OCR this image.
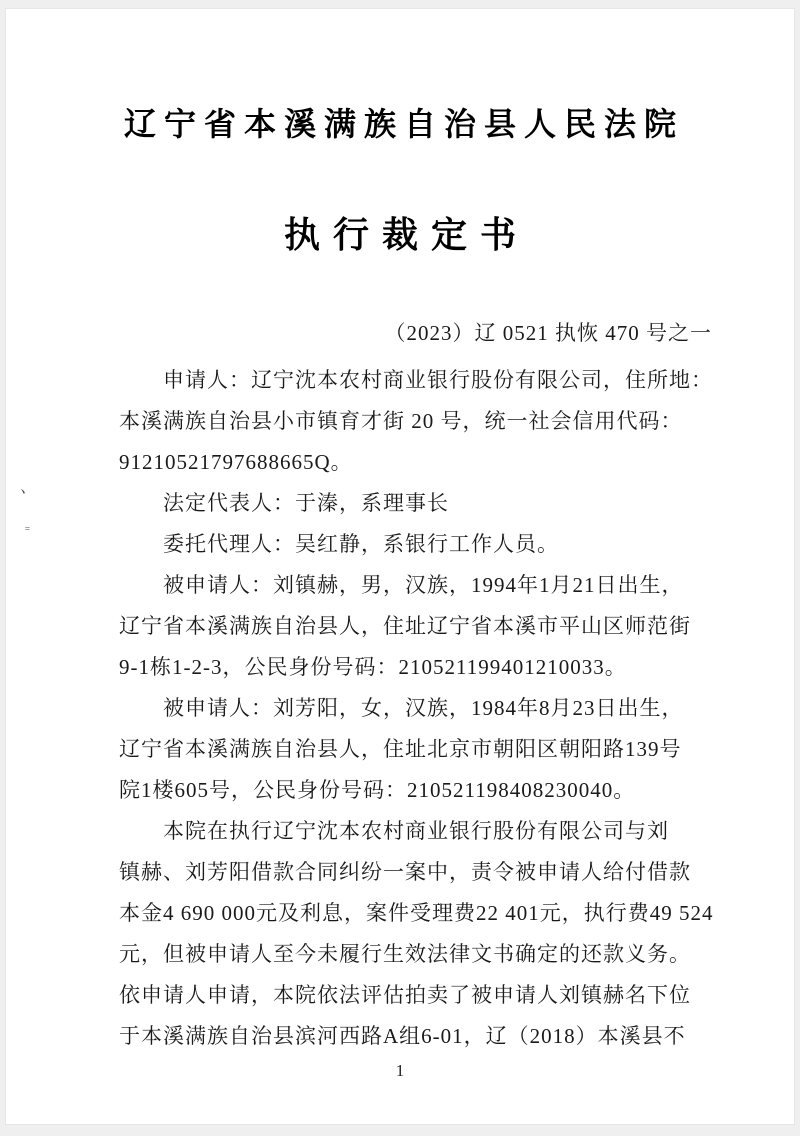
、
﹦
辽宁省本溪满族自治县人民法院
执行裁定书
（2023）辽 0521 执恢 470 号之一
申请人：辽宁沈本农村商业银行股份有限公司，住所地：
本溪满族自治县小市镇育才街 20 号，统一社会信用代码：
91210521797688665Q。
法定代表人：于溱，系理事长
委托代理人：吴红静，系银行工作人员。
被申请人：刘镇赫，男，汉族，1994年1月21日出生，
辽宁省本溪满族自治县人，住址辽宁省本溪市平山区师范街
9-1栋1-2-3，公民身份号码：210521199401210033。
被申请人：刘芳阳，女，汉族，1984年8月23日出生，
辽宁省本溪满族自治县人，住址北京市朝阳区朝阳路139号
院1楼605号，公民身份号码：210521198408230040。
本院在执行辽宁沈本农村商业银行股份有限公司与刘
镇赫、刘芳阳借款合同纠纷一案中，责令被申请人给付借款
本金4 690 000元及利息，案件受理费22 401元，执行费49 524
元，但被申请人至今未履行生效法律文书确定的还款义务。
依申请人申请，本院依法评估拍卖了被申请人刘镇赫名下位
于本溪满族自治县滨河西路A组6-01，辽（2018）本溪县不
1
